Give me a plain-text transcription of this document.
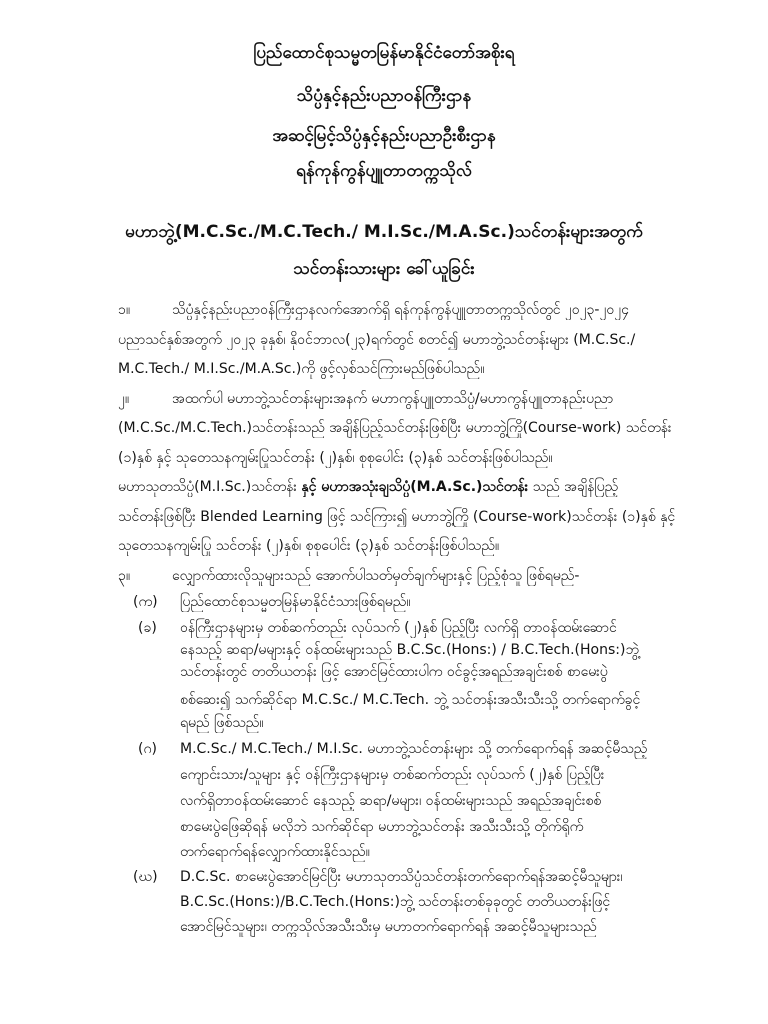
ပြည်ထောင်စုသမ္မတမြန်မာနိုင်ငံတော်အစိုးရ
သိပ္ပံနှင့်နည်းပညာဝန်ကြီးဌာန
အဆင့်မြင့်သိပ္ပံနှင့်နည်းပညာဦးစီးဌာန
ရန်ကုန်ကွန်ပျူတာတက္ကသိုလ်
မဟာဘွဲ့(M.C.Sc./M.C.Tech./ M.I.Sc./M.A.Sc.)သင်တန်းများအတွက်
သင်တန်းသားများ ခေါ်ယူခြင်း
၁။	သိပ္ပံနှင့်နည်းပညာဝန်ကြီးဌာနလက်အောက်ရှိ ရန်ကုန်ကွန်ပျူတာတက္ကသိုလ်တွင် ၂၀၂၃-၂၀၂၄
ပညာသင်နှစ်အတွက် ၂၀၂၃ ခုနှစ်၊ နိုဝင်ဘာလ(၂၃)ရက်တွင် စတင်၍ မဟာဘွဲ့သင်တန်းများ (M.C.Sc./
M.C.Tech./ M.I.Sc./M.A.Sc.)ကို ဖွင့်လှစ်သင်ကြားမည်ဖြစ်ပါသည်။
၂။	အထက်ပါ မဟာဘွဲ့သင်တန်းများအနက် မဟာကွန်ပျူတာသိပ္ပံ/မဟာကွန်ပျူတာနည်းပညာ
(M.C.Sc./M.C.Tech.)သင်တန်းသည် အချိန်ပြည့်သင်တန်းဖြစ်ပြီး မဟာဘွဲ့ကြို(Course-work) သင်တန်း
(၁)နှစ် နှင့် သုတေသနကျမ်းပြုသင်တန်း (၂)နှစ်၊ စုစုပေါင်း (၃)နှစ် သင်တန်းဖြစ်ပါသည်။
မဟာသုတသိပ္ပံ(M.I.Sc.)သင်တန်း နှင့် မဟာအသုံးချသိပ္ပံ(M.A.Sc.)သင်တန်း သည် အချိန်ပြည့်
သင်တန်းဖြစ်ပြီး Blended Learning ဖြင့် သင်ကြား၍ မဟာဘွဲ့ကြို (Course-work)သင်တန်း (၁)နှစ် နှင့်
သုတေသနကျမ်းပြု သင်တန်း (၂)နှစ်၊ စုစုပေါင်း (၃)နှစ် သင်တန်းဖြစ်ပါသည်။
၃။	လျှောက်ထားလိုသူများသည် အောက်ပါသတ်မှတ်ချက်များနှင့် ပြည့်စုံသူ ဖြစ်ရမည်-
(က) ပြည်ထောင်စုသမ္မတမြန်မာနိုင်ငံသားဖြစ်ရမည်။
(ခ) ဝန်ကြီးဌာနများမှ တစ်ဆက်တည်း လုပ်သက် (၂)နှစ် ပြည့်ပြီး လက်ရှိ တာဝန်ထမ်းဆောင်
နေသည့် ဆရာ/မများနှင့် ဝန်ထမ်းများသည် B.C.Sc.(Hons:) / B.C.Tech.(Hons:)ဘွဲ့
သင်တန်းတွင် တတိယတန်း ဖြင့် အောင်မြင်ထားပါက ဝင်ခွင့်အရည်အချင်းစစ် စာမေးပွဲ
စစ်ဆေး၍ သက်ဆိုင်ရာ M.C.Sc./ M.C.Tech. ဘွဲ့ သင်တန်းအသီးသီးသို့ တက်ရောက်ခွင့်
ရမည် ဖြစ်သည်။
(ဂ) M.C.Sc./ M.C.Tech./ M.I.Sc. မဟာဘွဲ့သင်တန်းများ သို့ တက်ရောက်ရန် အဆင့်မီသည့်
ကျောင်းသား/သူများ နှင့် ဝန်ကြီးဌာနများမှ တစ်ဆက်တည်း လုပ်သက် (၂)နှစ် ပြည့်ပြီး
လက်ရှိတာဝန်ထမ်းဆောင် နေသည့် ဆရာ/မများ၊ ဝန်ထမ်းများသည် အရည်အချင်းစစ်
စာမေးပွဲဖြေဆိုရန် မလိုဘဲ သက်ဆိုင်ရာ မဟာဘွဲ့သင်တန်း အသီးသီးသို့ တိုက်ရိုက်
တက်ရောက်ရန်လျှောက်ထားနိုင်သည်။
(ဃ) D.C.Sc. စာမေးပွဲအောင်မြင်ပြီး မဟာသုတသိပ္ပံသင်တန်းတက်ရောက်ရန်အဆင့်မီသူများ၊
B.C.Sc.(Hons:)/B.C.Tech.(Hons:)ဘွဲ့ သင်တန်းတစ်ခုခုတွင် တတိယတန်းဖြင့်
အောင်မြင်သူများ၊ တက္ကသိုလ်အသီးသီးမှ မဟာတက်ရောက်ရန် အဆင့်မီသူများသည်
